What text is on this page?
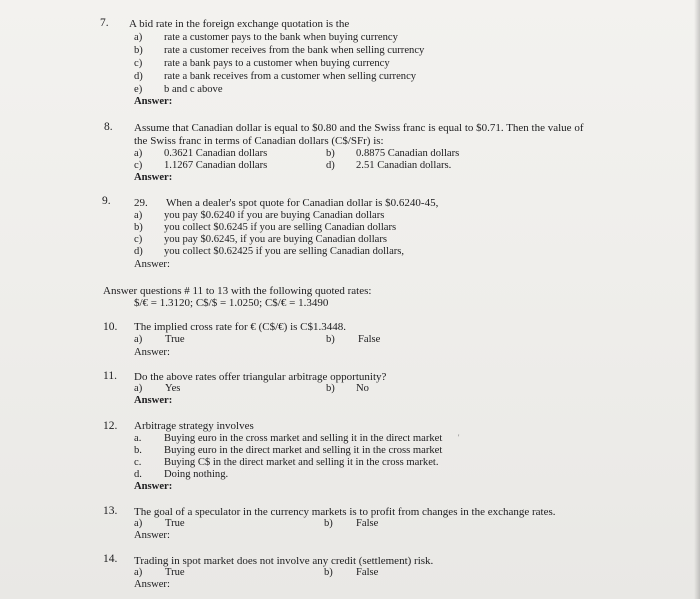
7. A bid rate in the foreign exchange quotation is the
a) rate a customer pays to the bank when buying currency
b) rate a customer receives from the bank when selling currency
c) rate a bank pays to a customer when buying currency
d) rate a bank receives from a customer when selling currency
e) b and c above
Answer:
8. Assume that Canadian dollar is equal to $0.80 and the Swiss franc is equal to $0.71. Then the value of
the Swiss franc in terms of Canadian dollars (C$/SFr) is:
a) 0.3621 Canadian dollars	b) 0.8875 Canadian dollars
c) 1.1267 Canadian dollars	d) 2.51 Canadian dollars.
Answer:
9. 29. When a dealer's spot quote for Canadian dollar is $0.6240-45,
a) you pay $0.6240 if you are buying Canadian dollars
b) you collect $0.6245 if you are selling Canadian dollars
c) you pay $0.6245, if you are buying Canadian dollars
d) you collect $0.62425 if you are selling Canadian dollars,
Answer:
Answer questions # 11 to 13 with the following quoted rates:
$/€ = 1.3120; C$/$ = 1.0250; C$/€ = 1.3490
10. The implied cross rate for € (C$/€) is C$1.3448.
a) True	b) False
Answer:
11. Do the above rates offer triangular arbitrage opportunity?
a) Yes	b) No
Answer:
12. Arbitrage strategy involves
a. Buying euro in the cross market and selling it in the direct market
b. Buying euro in the direct market and selling it in the cross market
c. Buying C$ in the direct market and selling it in the cross market.
d. Doing nothing.
Answer:
13. The goal of a speculator in the currency markets is to profit from changes in the exchange rates.
a) True	b) False
Answer:
14. Trading in spot market does not involve any credit (settlement) risk.
a) True	b) False
Answer:
'
